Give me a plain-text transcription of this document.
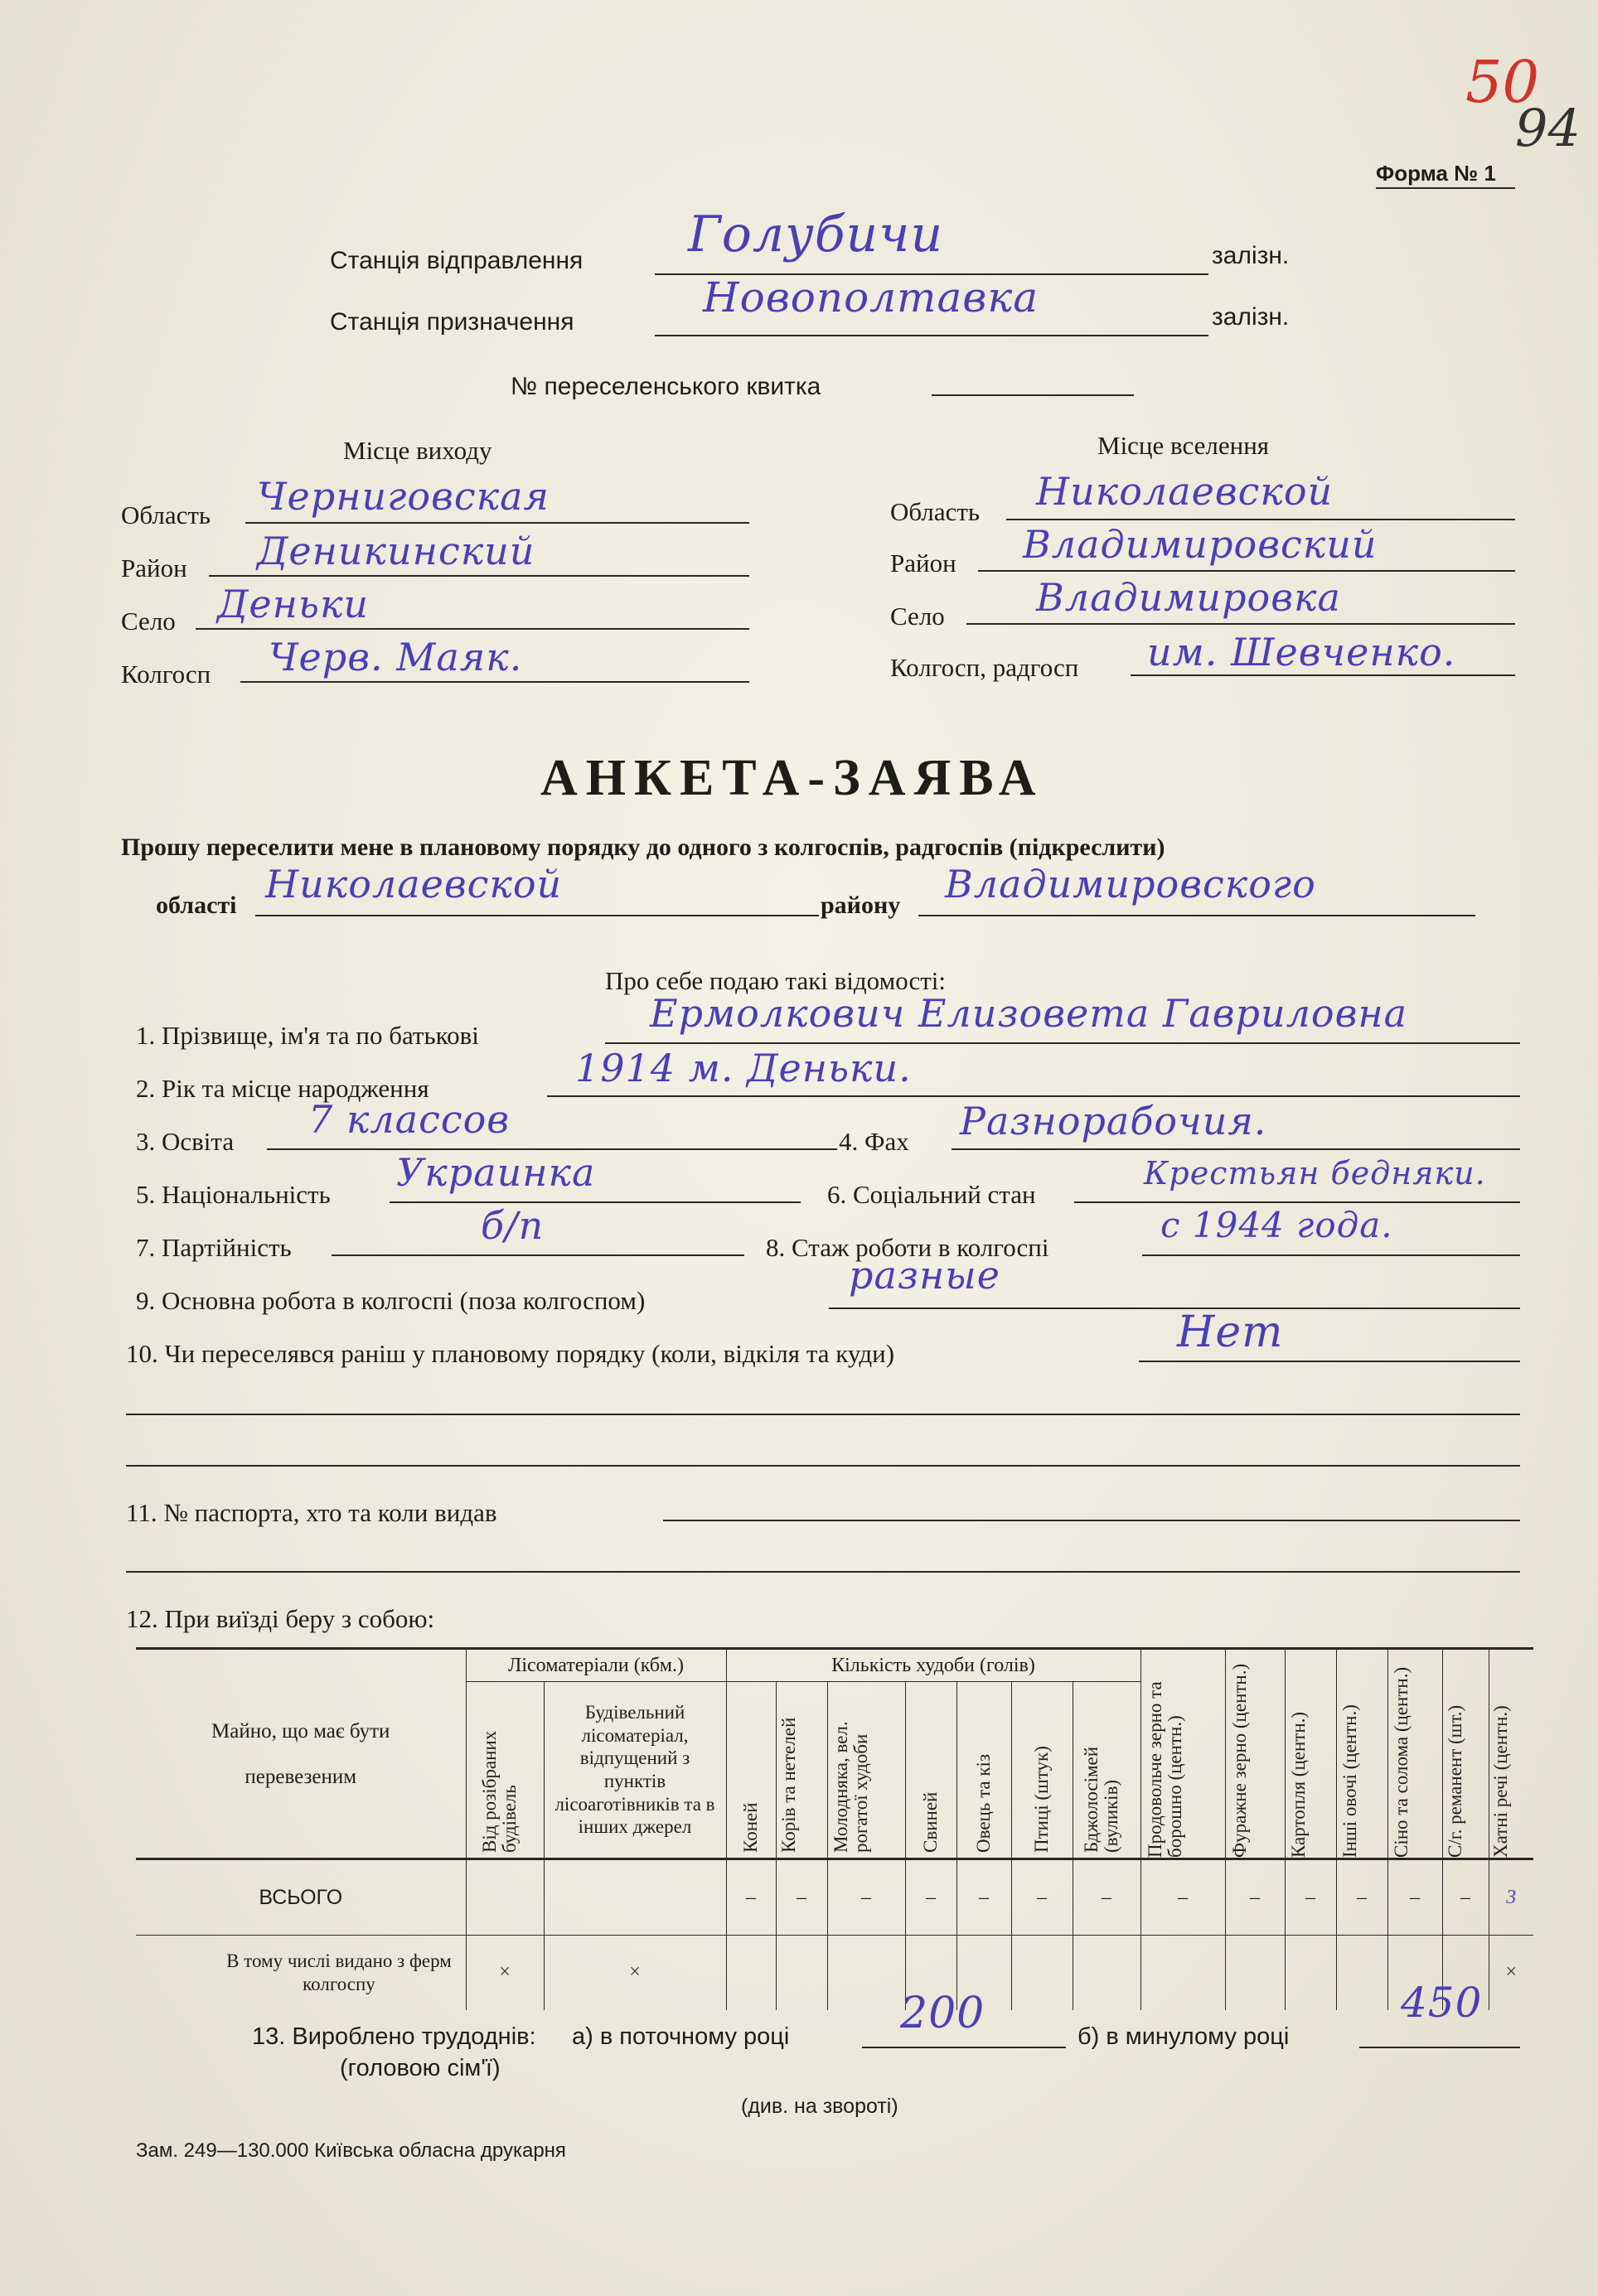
50
94
Форма № 1
Станція відправлення Голубичи	залізн.
Станція призначення
Новополтавка	залізн.
№ переселенського квитка
Місце виходу
Область Черниговская
Район Деникинский
Село Деньки
Колгосп Черв. Маяк.
Місце вселення
Область Николаевской
Район Владимировский
Село Владимировка
Колгосп, радгосп им. Шевченко.
АНКЕТА-ЗАЯВА
Прошу переселити мене в плановому порядку до одного з колгоспів, радгоспів (підкреслити)
області Николаевской	району Владимировского
Про себе подаю такі відомості:
1. Прізвище, ім'я та по батькові	Ермолкович Елизовета Гавриловна
2. Рік та місце народження	1914 м. Деньки.
3. Освіта 7 классов	4. Фах Разнорабочия.
5. Національність Украинка	6. Соціальний стан
Крестьян бедняки.
7. Партійність	б/п	8. Стаж роботи в колгоспі
с 1944 года.
9. Основна робота в колгоспі (поза колгоспом)
разные
10. Чи переселявся раніш у плановому порядку (коли, відкіля та куди)	Нет
11. № паспорта, хто та коли видав
12. При виїзді беру з собою:
Майно, що має бути перевезеним	Лісоматеріали (кбм.)		Кількість худоби (голів)							Продовольче зерно та борошно (центн.)	Фуражне зерно (центн.)	Картопля (центн.)	Інші овочі (центн.)	Сіно та солома (центн.)	С/г. реманент (шт.)	Хатні речі (центн.)

	Від розібраних будівель	Будівельний лісоматеріал, відпущений з пунктів лісоаготівників та в інших джерел	Коней	Корів та нетелей	Молодняка, вел. рогатої худоби	Свиней	Овець та кіз	Птиці (штук)	Бджолосімей (вуликів)							

ВСЬОГО			–	–	–	–	–	–	–	–	–	–	–	–	–	3

В тому числі видано з ферм колгоспу	×	×														×
13. Вироблено трудоднів:
(головою сім'ї)
а) в поточному році	200	б) в минулому році
450
(див. на звороті)
Зам. 249—130.000 Київська обласна друкарня
